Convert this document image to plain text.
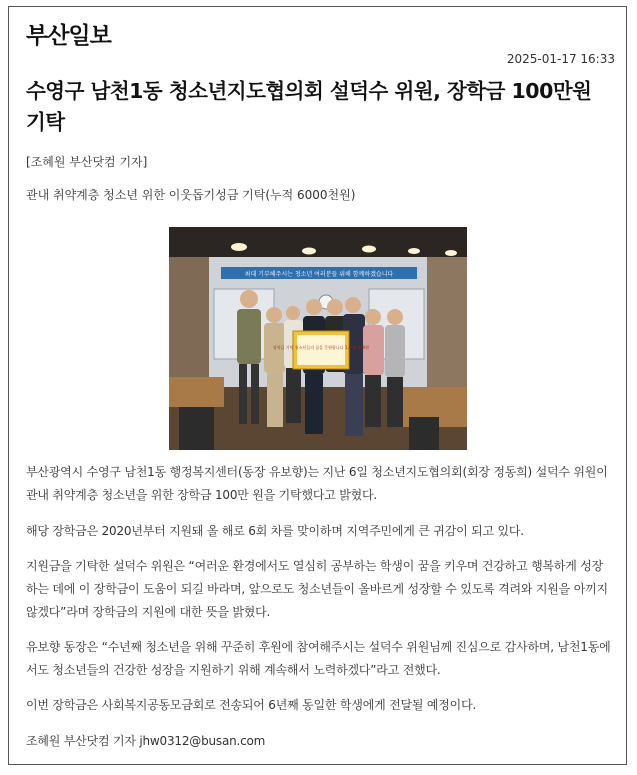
부산일보
2025-01-17 16:33
수영구 남천1동 청소년지도협의회 설덕수 위원, 장학금 100만원 기탁
[조혜원 부산닷컴 기자]
관내 취약계층 청소년 위한 이웃돕기성금 기탁(누적 6000천원)
최대 기부해주시는 청소년 여러분들 위해 함께하겠습니다
장학금 기탁 청소년들의 꿈을 응원합니다 1,000,000원
부산광역시 수영구 남천1동 행정복지센터(동장 유보향)는 지난 6일 청소년지도협의회(회장 정동희) 설덕수 위원이 관내 취약계층 청소년을 위한 장학금 100만 원을 기탁했다고 밝혔다.
해당 장학금은 2020년부터 지원돼 올 해로 6회 차를 맞이하며 지역주민에게 큰 귀감이 되고 있다.
지원금을 기탁한 설덕수 위원은 “여러운 환경에서도 열심히 공부하는 학생이 꿈을 키우며 건강하고 행복하게 성장하는 데에 이 장학금이 도움이 되길 바라며, 앞으로도 청소년들이 올바르게 성장할 수 있도록 격려와 지원을 아끼지 않겠다”라며 장학금의 지원에 대한 뜻을 밝혔다.
유보향 동장은 “수년째 청소년을 위해 꾸준히 후원에 참여해주시는 설덕수 위원님께 진심으로 감사하며, 남천1동에서도 청소년들의 건강한 성장을 지원하기 위해 계속해서 노력하겠다”라고 전했다.
이번 장학금은 사회복지공동모금회로 전송되어 6년째 동일한 학생에게 전달될 예정이다.
조혜원 부산닷컴 기자 jhw0312@busan.com
